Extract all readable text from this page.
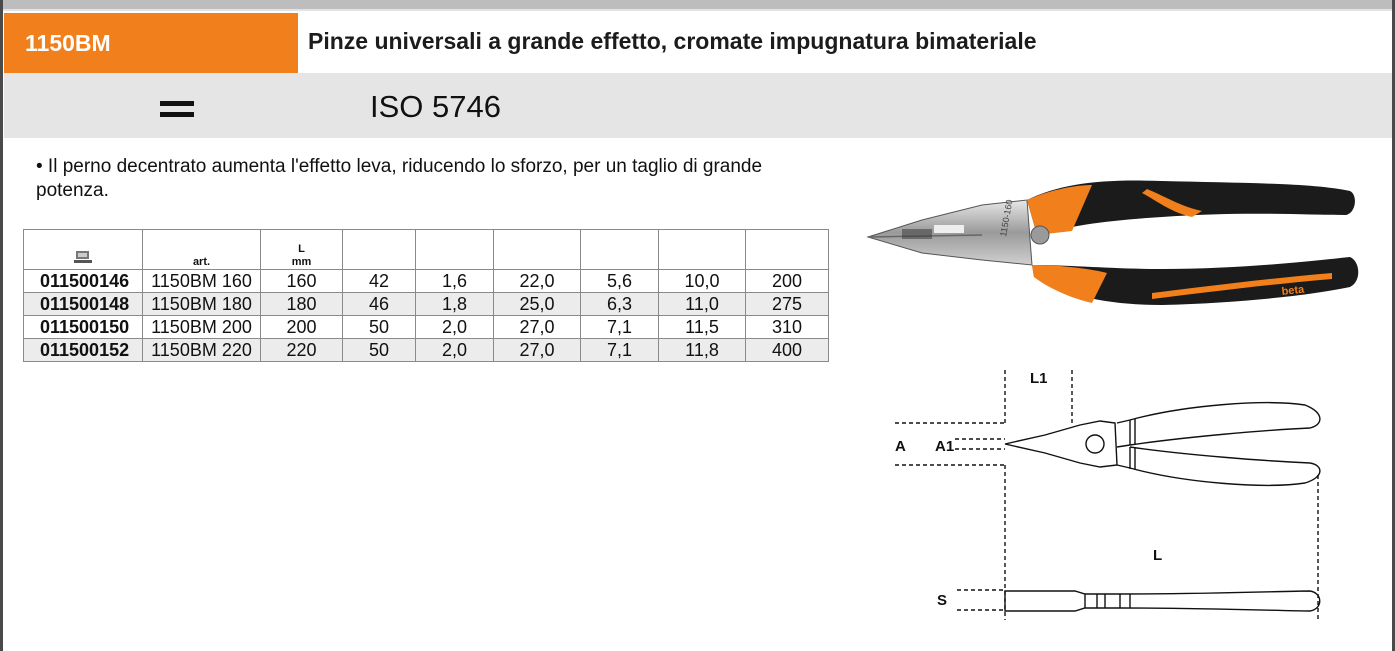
1150BM	Pinze universali a grande effetto, cromate impugnatura bimateriale
ISO 5746
• Il perno decentrato aumenta l'effetto leva, riducendo lo sforzo, per un taglio di grande potenza.
	art.	L
mm

011500146	1150BM 160	160	42	1,6	22,0	5,6	10,0	200
011500148	1150BM 180	180	46	1,8	25,0	6,3	11,0	275
011500150	1150BM 200	200	50	2,0	27,0	7,1	11,5	310
011500152	1150BM 220	220	50	2,0	27,0	7,1	11,8	400
1150-160
beta
L1
A A1
L
S
